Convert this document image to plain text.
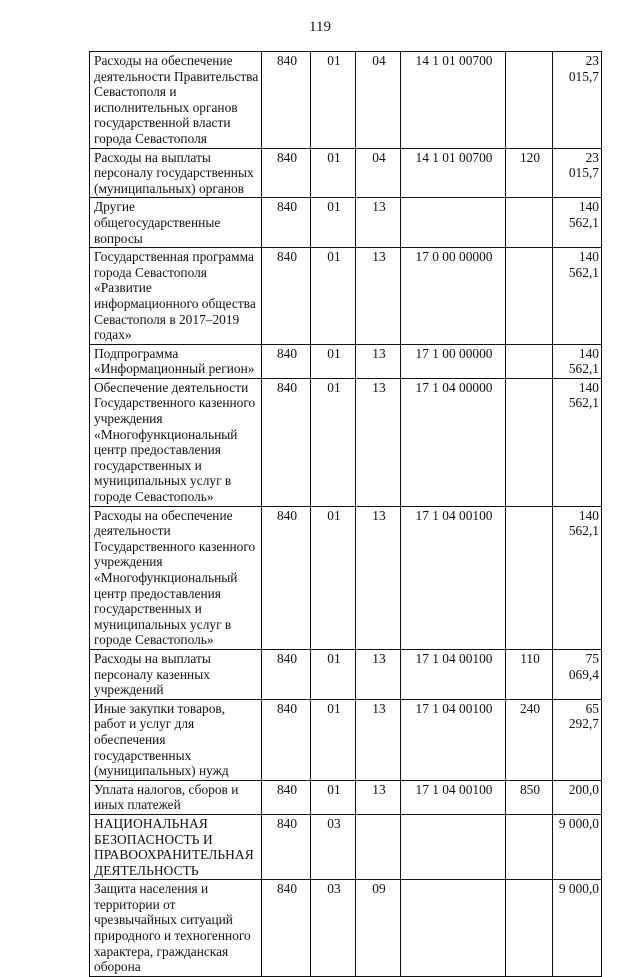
119
Расходы на обеспечение деятельности Правительства Севастополя и исполнительных органов государственной власти города Севастополя	840	01	04	14 1 01 00700		23 015,7
Расходы на выплаты персоналу государственных (муниципальных) органов	840	01	04	14 1 01 00700	120	23 015,7
Другие общегосударственные вопросы	840	01	13			140 562,1
Государственная программа города Севастополя «Развитие информационного общества Севастополя в 2017–2019 годах»	840	01	13	17 0 00 00000		140 562,1
Подпрограмма «Информационный регион»	840	01	13	17 1 00 00000		140 562,1
Обеспечение деятельности Государственного казенного учреждения «Многофункциональный центр предоставления государственных и муниципальных услуг в городе Севастополь»	840	01	13	17 1 04 00000		140 562,1
Расходы на обеспечение деятельности Государственного казенного учреждения «Многофункциональный центр предоставления государственных и муниципальных услуг в городе Севастополь»	840	01	13	17 1 04 00100		140 562,1
Расходы на выплаты персоналу казенных учреждений	840	01	13	17 1 04 00100	110	75 069,4
Иные закупки товаров, работ и услуг для обеспечения государственных (муниципальных) нужд	840	01	13	17 1 04 00100	240	65 292,7
Уплата налогов, сборов и иных платежей	840	01	13	17 1 04 00100	850	200,0
НАЦИОНАЛЬНАЯ БЕЗОПАСНОСТЬ И ПРАВООХРАНИТЕЛЬНАЯ ДЕЯТЕЛЬНОСТЬ	840	03				9 000,0
Защита населения и территории от чрезвычайных ситуаций природного и техногенного характера, гражданская оборона	840	03	09			9 000,0
